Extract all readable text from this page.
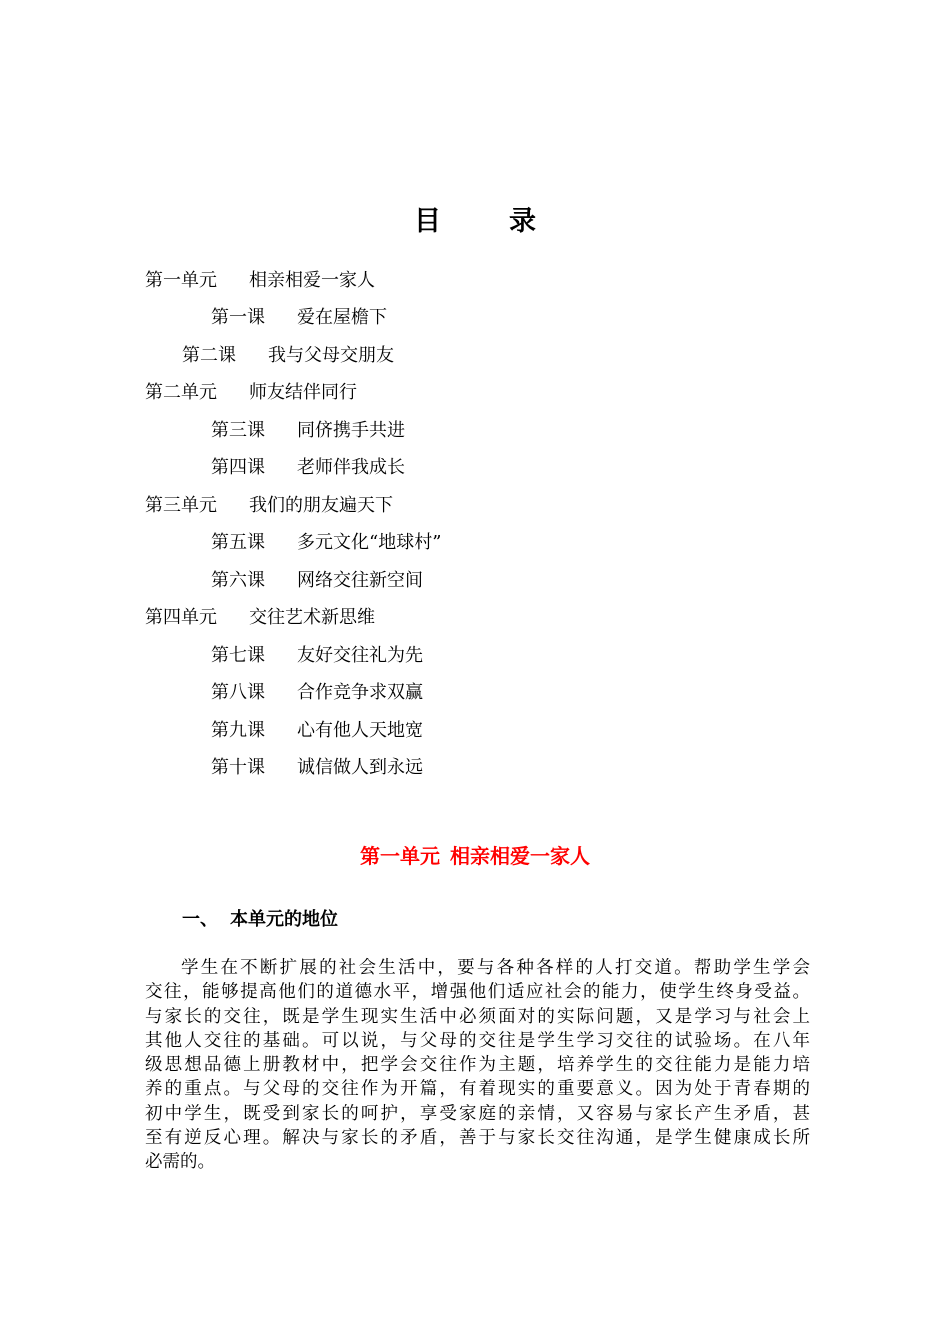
目	录
第一单元 相亲相爱一家人
第一课 爱在屋檐下
第二课 我与父母交朋友
第二单元 师友结伴同行
第三课 同侪携手共进
第四课 老师伴我成长
第三单元 我们的朋友遍天下
第五课 多元文化“地球村”
第六课 网络交往新空间
第四单元 交往艺术新思维
第七课 友好交往礼为先
第八课 合作竞争求双赢
第九课 心有他人天地宽
第十课 诚信做人到永远
第一单元 相亲相爱一家人
一、 本单元的地位
学生在不断扩展的社会生活中，要与各种各样的人打交道。帮助学生学会
交往，能够提高他们的道德水平，增强他们适应社会的能力，使学生终身受益。
与家长的交往，既是学生现实生活中必须面对的实际问题，又是学习与社会上
其他人交往的基础。可以说，与父母的交往是学生学习交往的试验场。在八年
级思想品德上册教材中，把学会交往作为主题，培养学生的交往能力是能力培
养的重点。与父母的交往作为开篇，有着现实的重要意义。因为处于青春期的
初中学生，既受到家长的呵护，享受家庭的亲情，又容易与家长产生矛盾，甚
至有逆反心理。解决与家长的矛盾，善于与家长交往沟通，是学生健康成长所
必需的。
